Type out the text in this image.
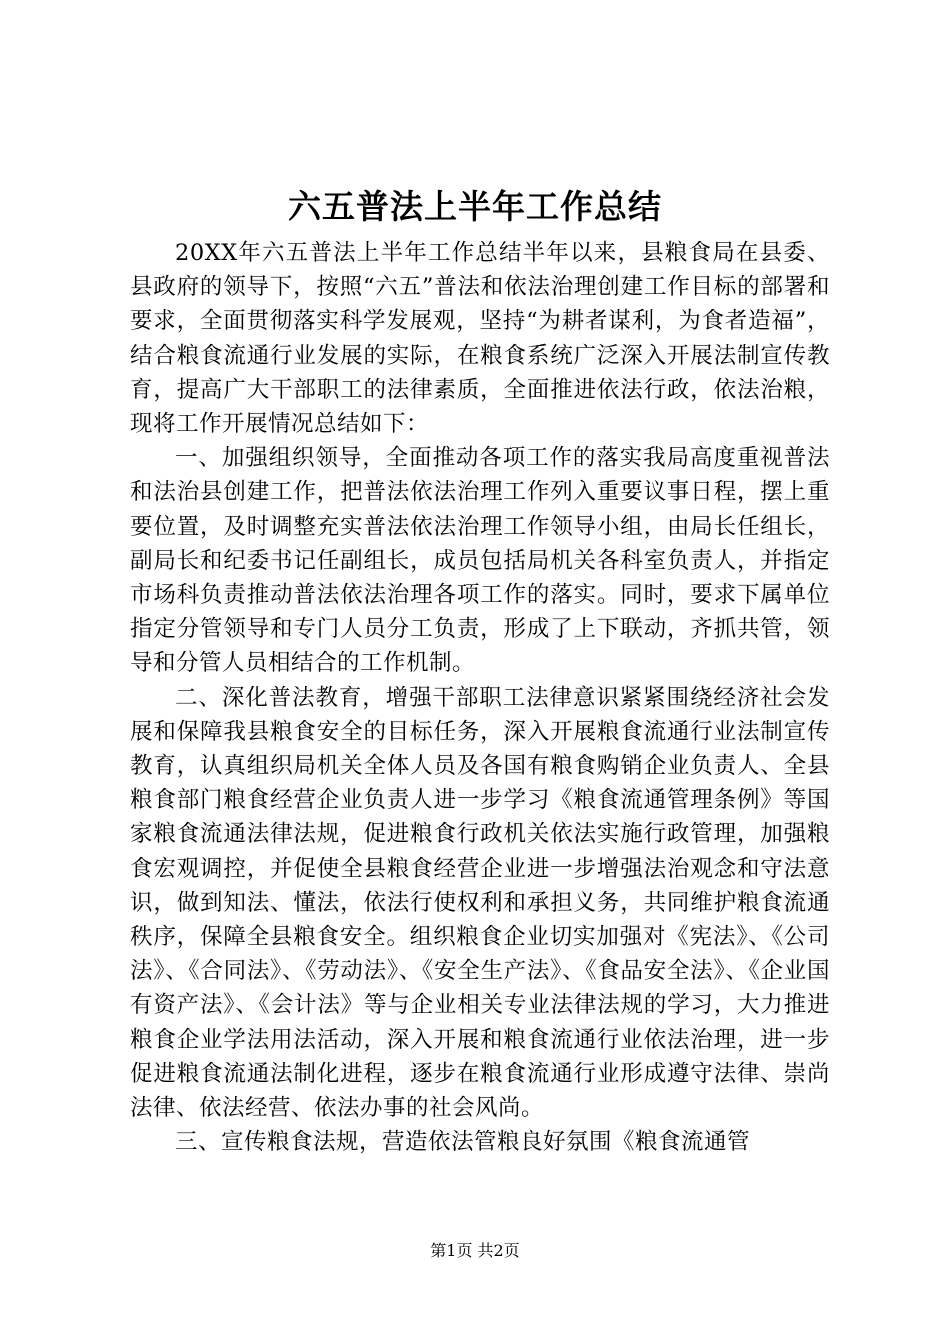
六五普法上半年工作总结

20XX年六五普法上半年工作总结半年以来，县粮食局在县委、县政府的领导下，按照“六五”普法和依法治理创建工作目标的部署和要求，全面贯彻落实科学发展观，坚持“为耕者谋利，为食者造福”，结合粮食流通行业发展的实际，在粮食系统广泛深入开展法制宣传教育，提高广大干部职工的法律素质，全面推进依法行政，依法治粮，现将工作开展情况总结如下：

一、加强组织领导，全面推动各项工作的落实我局高度重视普法和法治县创建工作，把普法依法治理工作列入重要议事日程，摆上重要位置，及时调整充实普法依法治理工作领导小组，由局长任组长，副局长和纪委书记任副组长，成员包括局机关各科室负责人，并指定市场科负责推动普法依法治理各项工作的落实。同时，要求下属单位指定分管领导和专门人员分工负责，形成了上下联动，齐抓共管，领导和分管人员相结合的工作机制。

二、深化普法教育，增强干部职工法律意识紧紧围绕经济社会发展和保障我县粮食安全的目标任务，深入开展粮食流通行业法制宣传教育，认真组织局机关全体人员及各国有粮食购销企业负责人、全县粮食部门粮食经营企业负责人进一步学习《粮食流通管理条例》等国家粮食流通法律法规，促进粮食行政机关依法实施行政管理，加强粮食宏观调控，并促使全县粮食经营企业进一步增强法治观念和守法意识，做到知法、懂法，依法行使权利和承担义务，共同维护粮食流通秩序，保障全县粮食安全。组织粮食企业切实加强对《宪法》、《公司法》、《合同法》、《劳动法》、《安全生产法》、《食品安全法》、《企业国有资产法》、《会计法》等与企业相关专业法律法规的学习，大力推进粮食企业学法用法活动，深入开展和粮食流通行业依法治理，进一步促进粮食流通法制化进程，逐步在粮食流通行业形成遵守法律、崇尚法律、依法经营、依法办事的社会风尚。

三、宣传粮食法规，营造依法管粮良好氛围《粮食流通管

第1页 共2页
